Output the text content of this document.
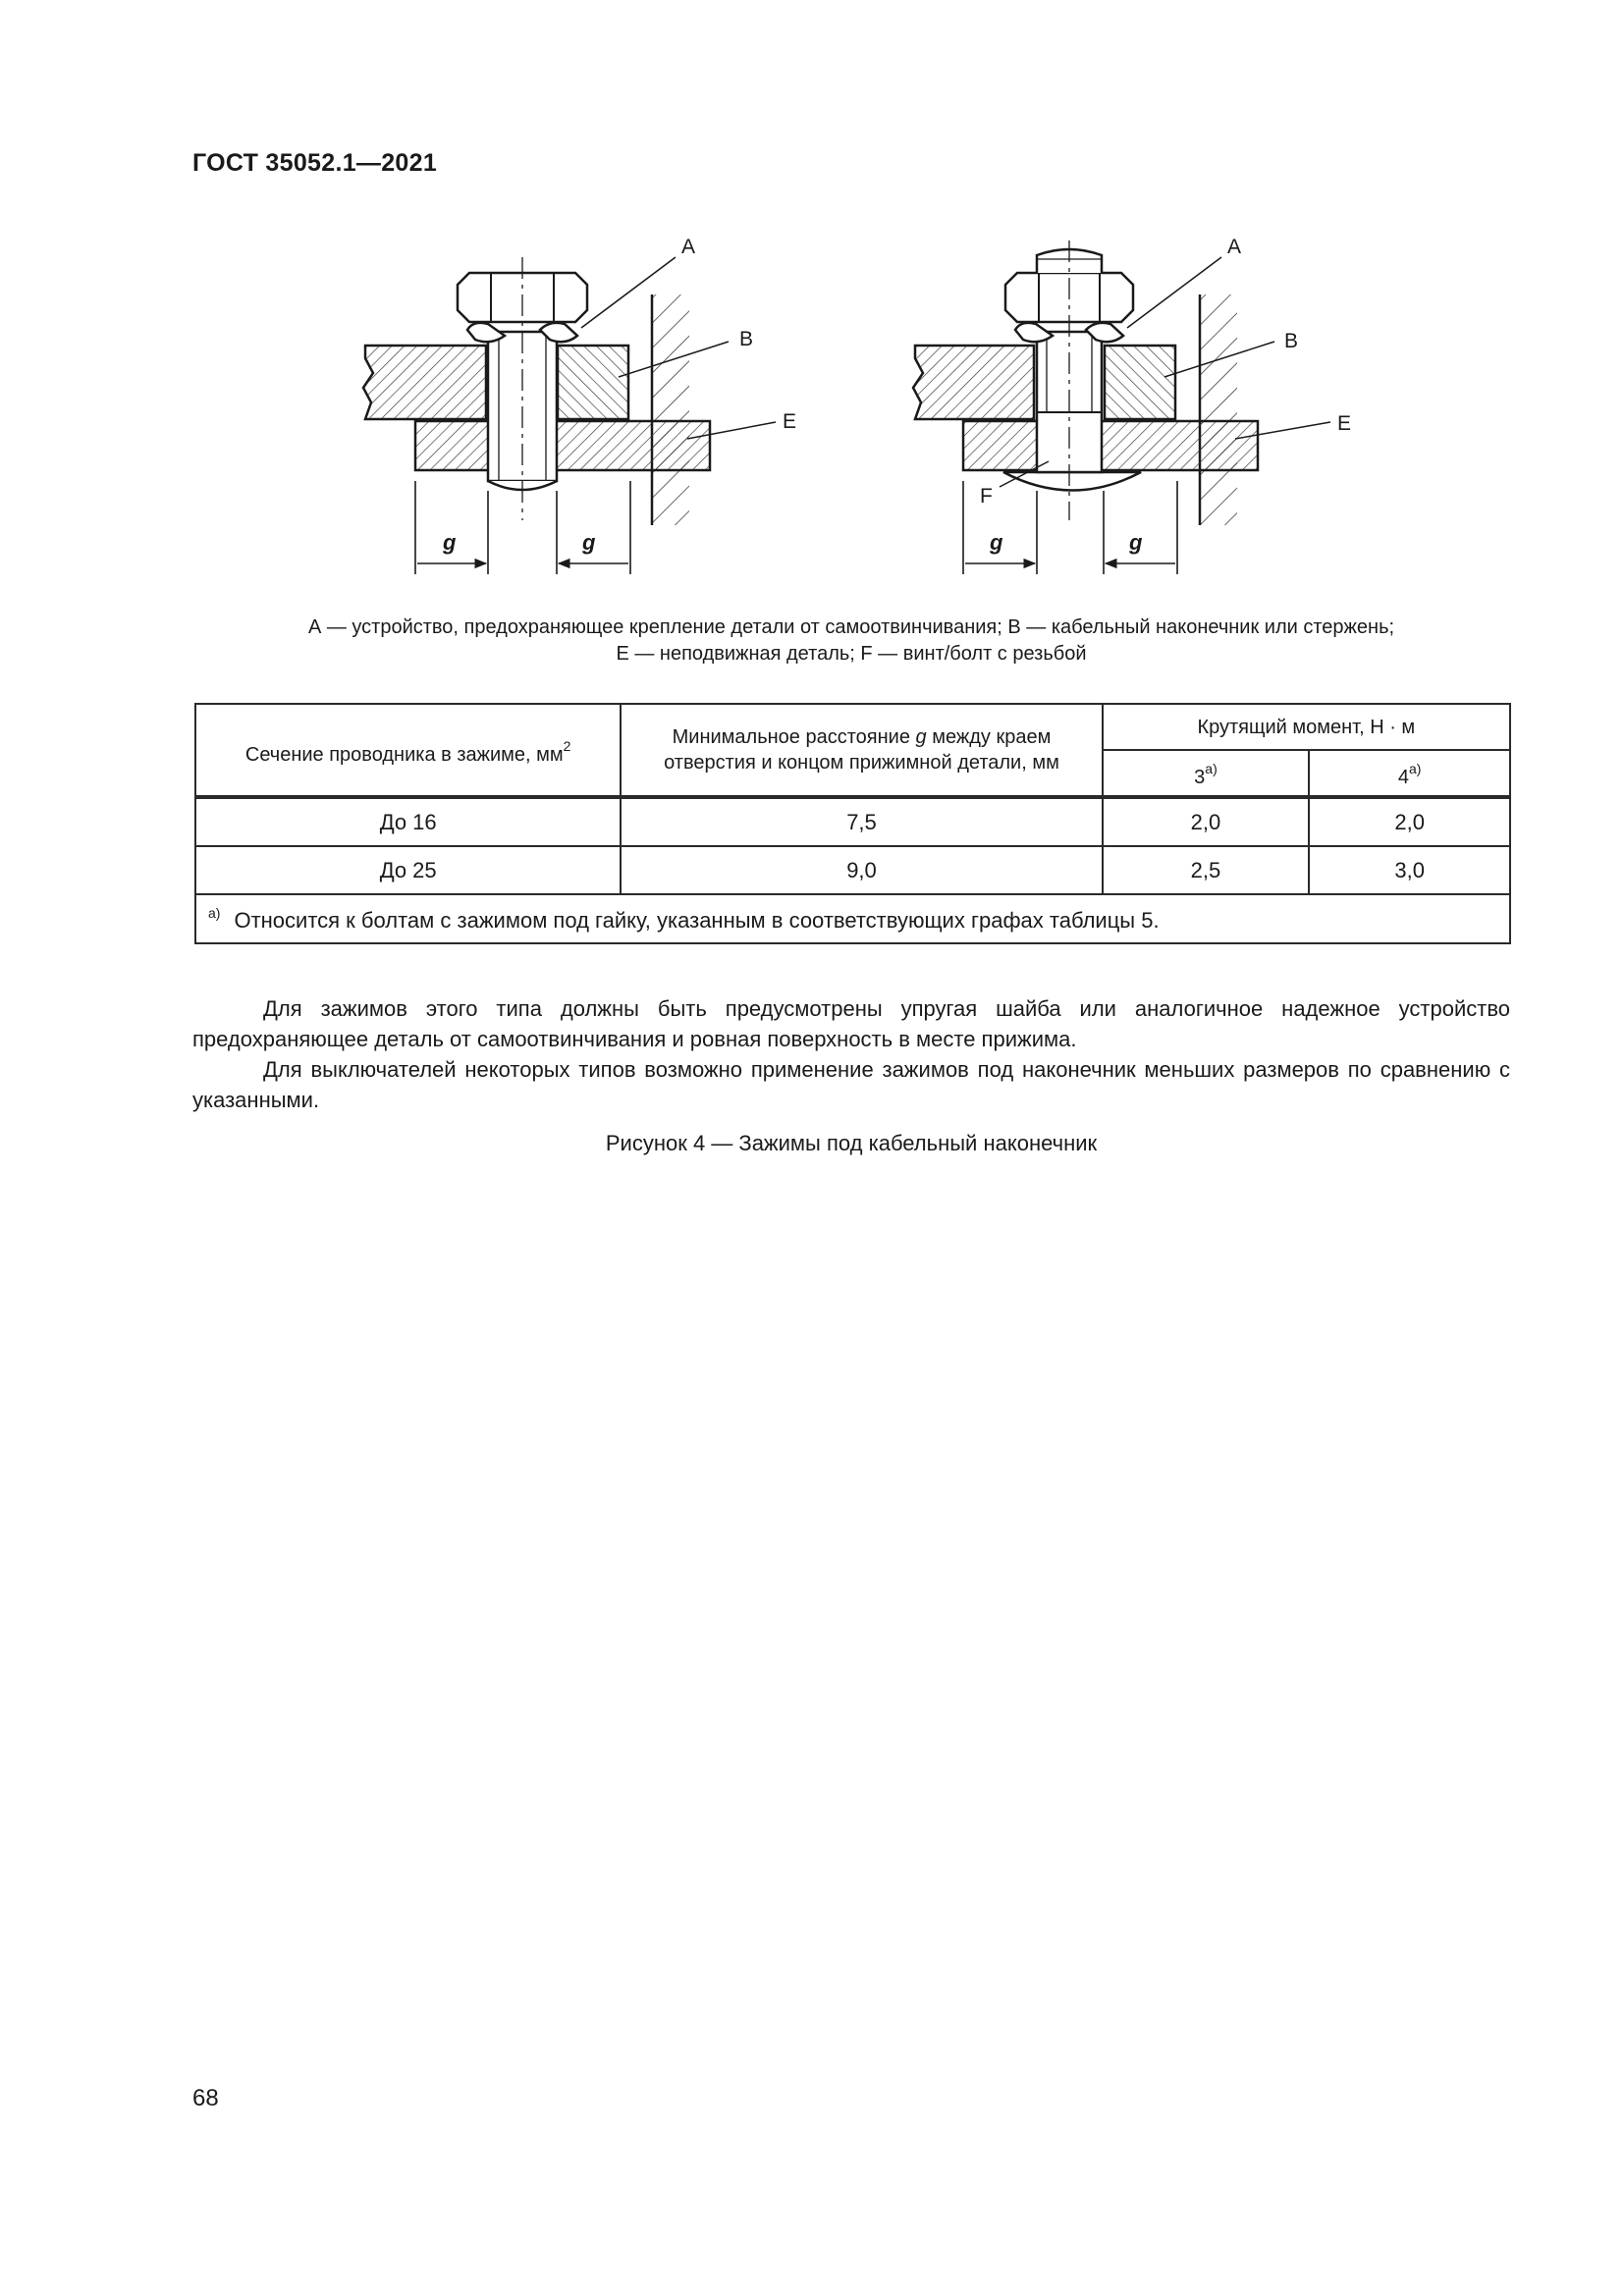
ГОСТ 35052.1—2021
A
B
E
g	g
A
B
E
F
g	g
А — устройство, предохраняющее крепление детали от самоотвинчивания; В — кабельный наконечник или стержень;
Е — неподвижная деталь; F — винт/болт с резьбой
Сечение проводника в зажиме, $мм^2$	Минимальное расстояние g между краем отверстия и концом прижимной детали, мм	Крутящий момент, Н · м	
		3$^{a)}$	4$^{a)}$
До 16	7,5	2,0	2,0
До 25	9,0	2,5	3,0
$^{a)}$ Относится к болтам с зажимом под гайку, указанным в соответствующих графах таблицы 5.			

Для зажимов этого типа должны быть предусмотрены упругая шайба или аналогичное надежное устройство предохраняющее деталь от самоотвинчивания и ровная поверхность в месте прижима.

Для выключателей некоторых типов возможно применение зажимов под наконечник меньших размеров по сравнению с указанными.

Рисунок 4 — Зажимы под кабельный наконечник
68
